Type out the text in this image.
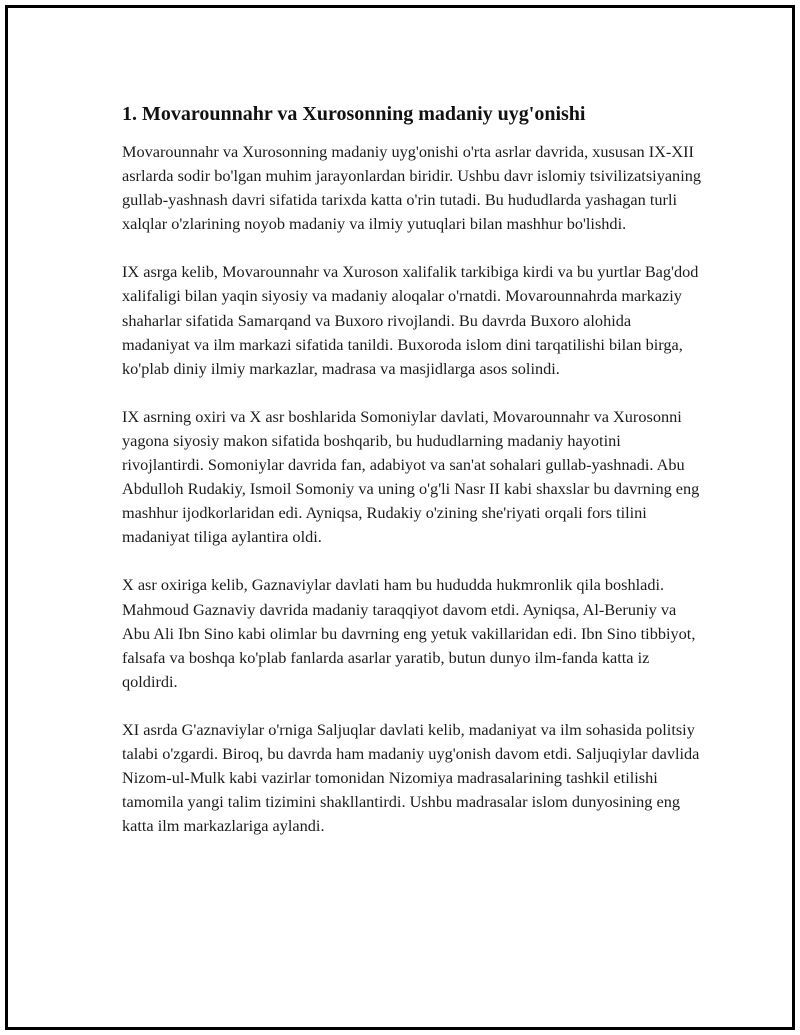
1. Movarounnahr va Xurosonning madaniy uyg'onishi

Movarounnahr va Xurosonning madaniy uyg'onishi o'rta asrlar davrida, xususan IX-XII asrlarda sodir bo'lgan muhim jarayonlardan biridir. Ushbu davr islomiy tsivilizatsiyaning gullab-yashnash davri sifatida tarixda katta o'rin tutadi. Bu hududlarda yashagan turli xalqlar o'zlarining noyob madaniy va ilmiy yutuqlari bilan mashhur bo'lishdi.

IX asrga kelib, Movarounnahr va Xuroson xalifalik tarkibiga kirdi va bu yurtlar Bag'dod xalifaligi bilan yaqin siyosiy va madaniy aloqalar o'rnatdi. Movarounnahrda markaziy shaharlar sifatida Samarqand va Buxoro rivojlandi. Bu davrda Buxoro alohida madaniyat va ilm markazi sifatida tanildi. Buxoroda islom dini tarqatilishi bilan birga, ko'plab diniy ilmiy markazlar, madrasa va masjidlarga asos solindi.

IX asrning oxiri va X asr boshlarida Somoniylar davlati, Movarounnahr va Xurosonni yagona siyosiy makon sifatida boshqarib, bu hududlarning madaniy hayotini rivojlantirdi. Somoniylar davrida fan, adabiyot va san'at sohalari gullab-yashnadi. Abu Abdulloh Rudakiy, Ismoil Somoniy va uning o'g'li Nasr II kabi shaxslar bu davrning eng mashhur ijodkorlaridan edi. Ayniqsa, Rudakiy o'zining she'riyati orqali fors tilini madaniyat tiliga aylantira oldi.

X asr oxiriga kelib, Gaznaviylar davlati ham bu hududda hukmronlik qila boshladi. Mahmoud Gaznaviy davrida madaniy taraqqiyot davom etdi. Ayniqsa, Al-Beruniy va Abu Ali Ibn Sino kabi olimlar bu davrning eng yetuk vakillaridan edi. Ibn Sino tibbiyot, falsafa va boshqa ko'plab fanlarda asarlar yaratib, butun dunyo ilm-fanda katta iz qoldirdi.

XI asrda G'aznaviylar o'rniga Saljuqlar davlati kelib, madaniyat va ilm sohasida politsiy talabi o'zgardi. Biroq, bu davrda ham madaniy uyg'onish davom etdi. Saljuqiylar davlida Nizom-ul-Mulk kabi vazirlar tomonidan Nizomiya madrasalarining tashkil etilishi tamomila yangi talim tizimini shakllantirdi. Ushbu madrasalar islom dunyosining eng katta ilm markazlariga aylandi.
